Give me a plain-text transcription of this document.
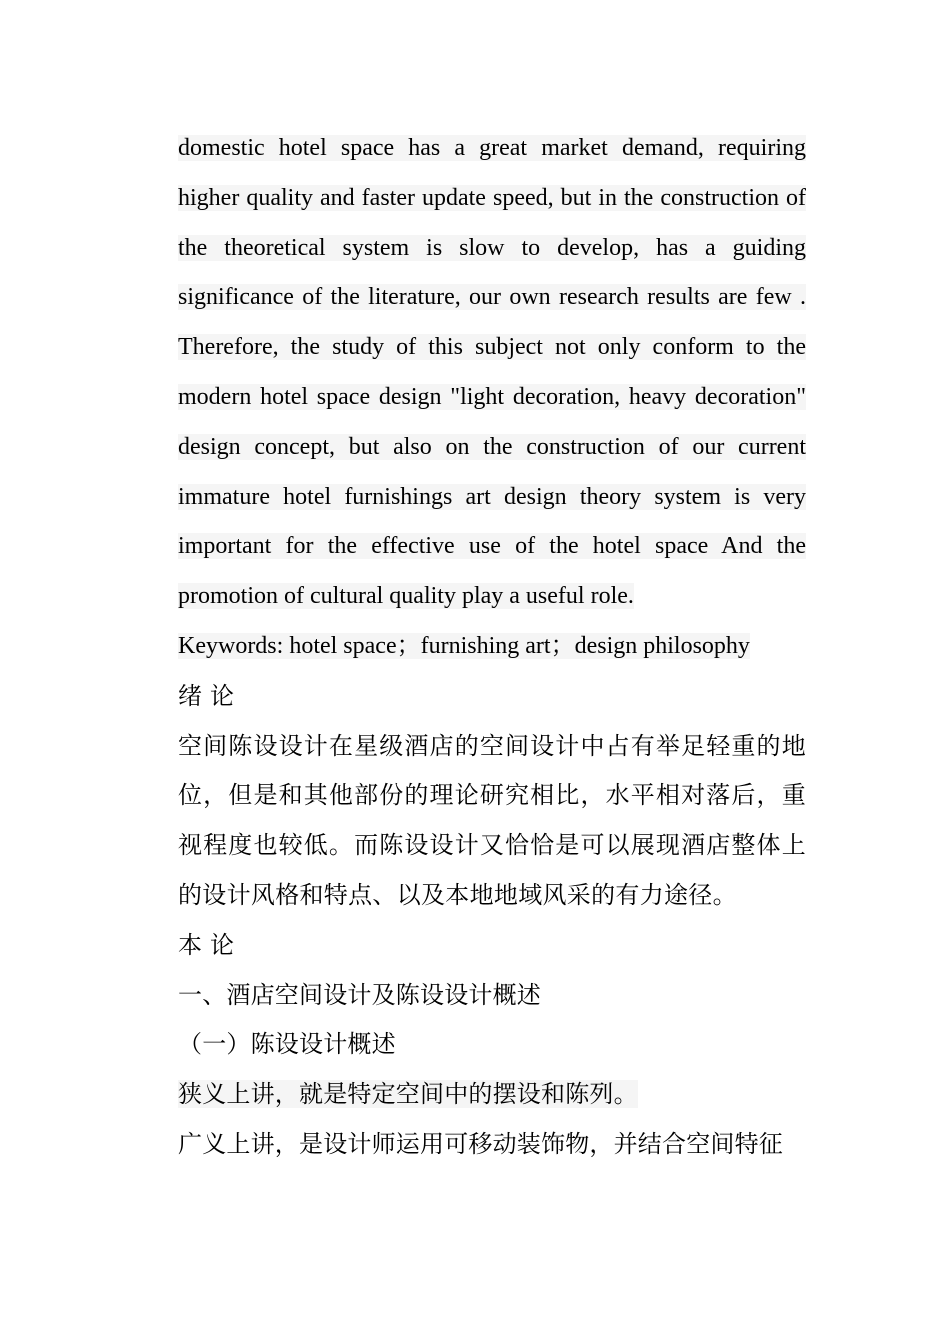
domestic hotel space has a great market demand, requiring higher quality and faster update speed, but in the construction of the theoretical system is slow to develop, has a guiding significance of the literature, our own research results are few . Therefore, the study of this subject not only conform to the modern hotel space design "light decoration, heavy decoration" design concept, but also on the construction of our current immature hotel furnishings art design theory system is very important for the effective use of the hotel space And the promotion of cultural quality play a useful role.

Keywords: hotel space；furnishing art；design philosophy

绪 论

空间陈设设计在星级酒店的空间设计中占有举足轻重的地位，但是和其他部份的理论研究相比，水平相对落后，重视程度也较低。而陈设设计又恰恰是可以展现酒店整体上的设计风格和特点、以及本地地域风采的有力途径。

本 论

一、酒店空间设计及陈设设计概述

（一）陈设设计概述

狭义上讲，就是特定空间中的摆设和陈列。

广义上讲，是设计师运用可移动装饰物，并结合空间特征
